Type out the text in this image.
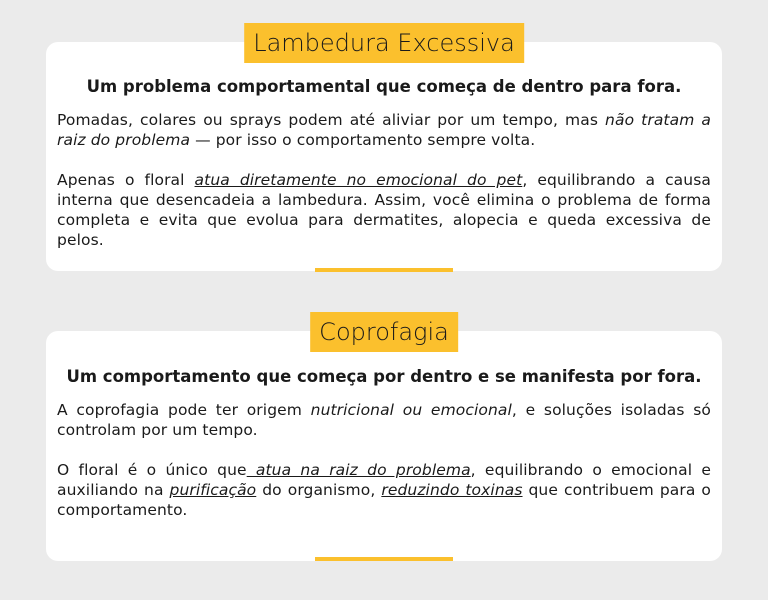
Um problema comportamental que começa de dentro para fora.

Pomadas, colares ou sprays podem até aliviar por um tempo, mas não tratam a raiz do problema — por isso o comportamento sempre volta.

Apenas o floral atua diretamente no emocional do pet, equilibrando a causa interna que desencadeia a lambedura. Assim, você elimina o problema de forma completa e evita que evolua para dermatites, alopecia e queda excessiva de pelos.

Lambedura Excessiva

Um comportamento que começa por dentro e se manifesta por fora.

A coprofagia pode ter origem nutricional ou emocional, e soluções isoladas só controlam por um tempo.

O floral é o único que atua na raiz do problema, equilibrando o emocional e auxiliando na purificação do organismo, reduzindo toxinas que contribuem para o comportamento.

Coprofagia
